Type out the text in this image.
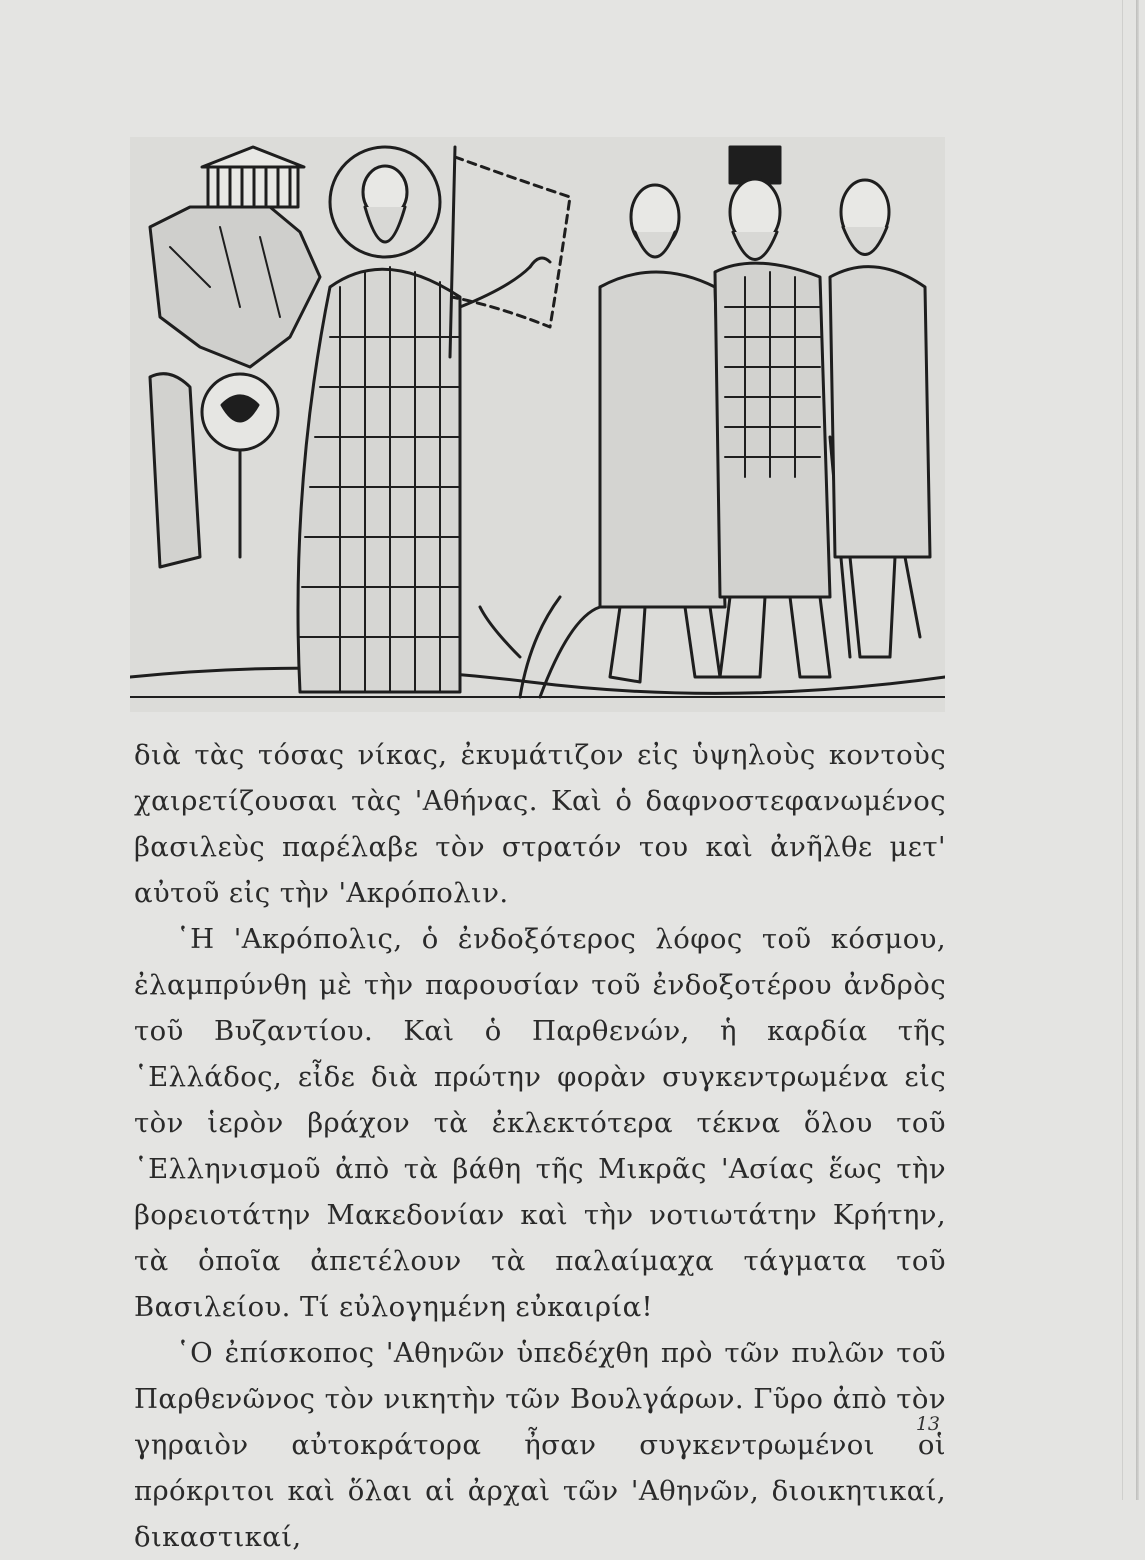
διὰ τὰς τόσας νίκας, ἐκυμάτιζον εἰς ὑψηλοὺς κοντοὺς χαιρετίζουσαι τὰς 'Αθήνας. Καὶ ὁ δαφνοστεφανωμένος βασιλεὺς παρέλαβε τὸν στρατόν του καὶ ἀνῆλθε μετ' αὐτοῦ εἰς τὴν 'Ακρόπολιν.

῾Η 'Ακρόπολις, ὁ ἐνδοξότερος λόφος τοῦ κόσμου, ἐλαμπρύνθη μὲ τὴν παρουσίαν τοῦ ἐνδοξοτέρου ἀνδρὸς τοῦ Βυζαντίου. Καὶ ὁ Παρθενών, ἡ καρδία τῆς ῾Ελλάδος, εἶδε διὰ πρώτην φορὰν συγκεντρωμένα εἰς τὸν ἱερὸν βράχον τὰ ἐκλεκτότερα τέκνα ὅλου τοῦ ῾Ελληνισμοῦ ἀπὸ τὰ βάθη τῆς Μικρᾶς 'Ασίας ἕως τὴν βορειοτάτην Μακεδονίαν καὶ τὴν νοτιωτάτην Κρήτην, τὰ ὁποῖα ἀπετέλουν τὰ παλαίμαχα τάγματα τοῦ Βασιλείου. Τί εὐλογημένη εὐκαιρία!

῾Ο ἐπίσκοπος 'Αθηνῶν ὑπεδέχθη πρὸ τῶν πυλῶν τοῦ Παρθενῶνος τὸν νικητὴν τῶν Βουλγάρων. Γῦρο ἀπὸ τὸν γηραιὸν αὐτοκράτορα ἦσαν συγκεντρωμένοι οἱ πρόκριτοι καὶ ὅλαι αἱ ἀρχαὶ τῶν 'Αθηνῶν, διοικητικαί, δικαστικαί,

13
